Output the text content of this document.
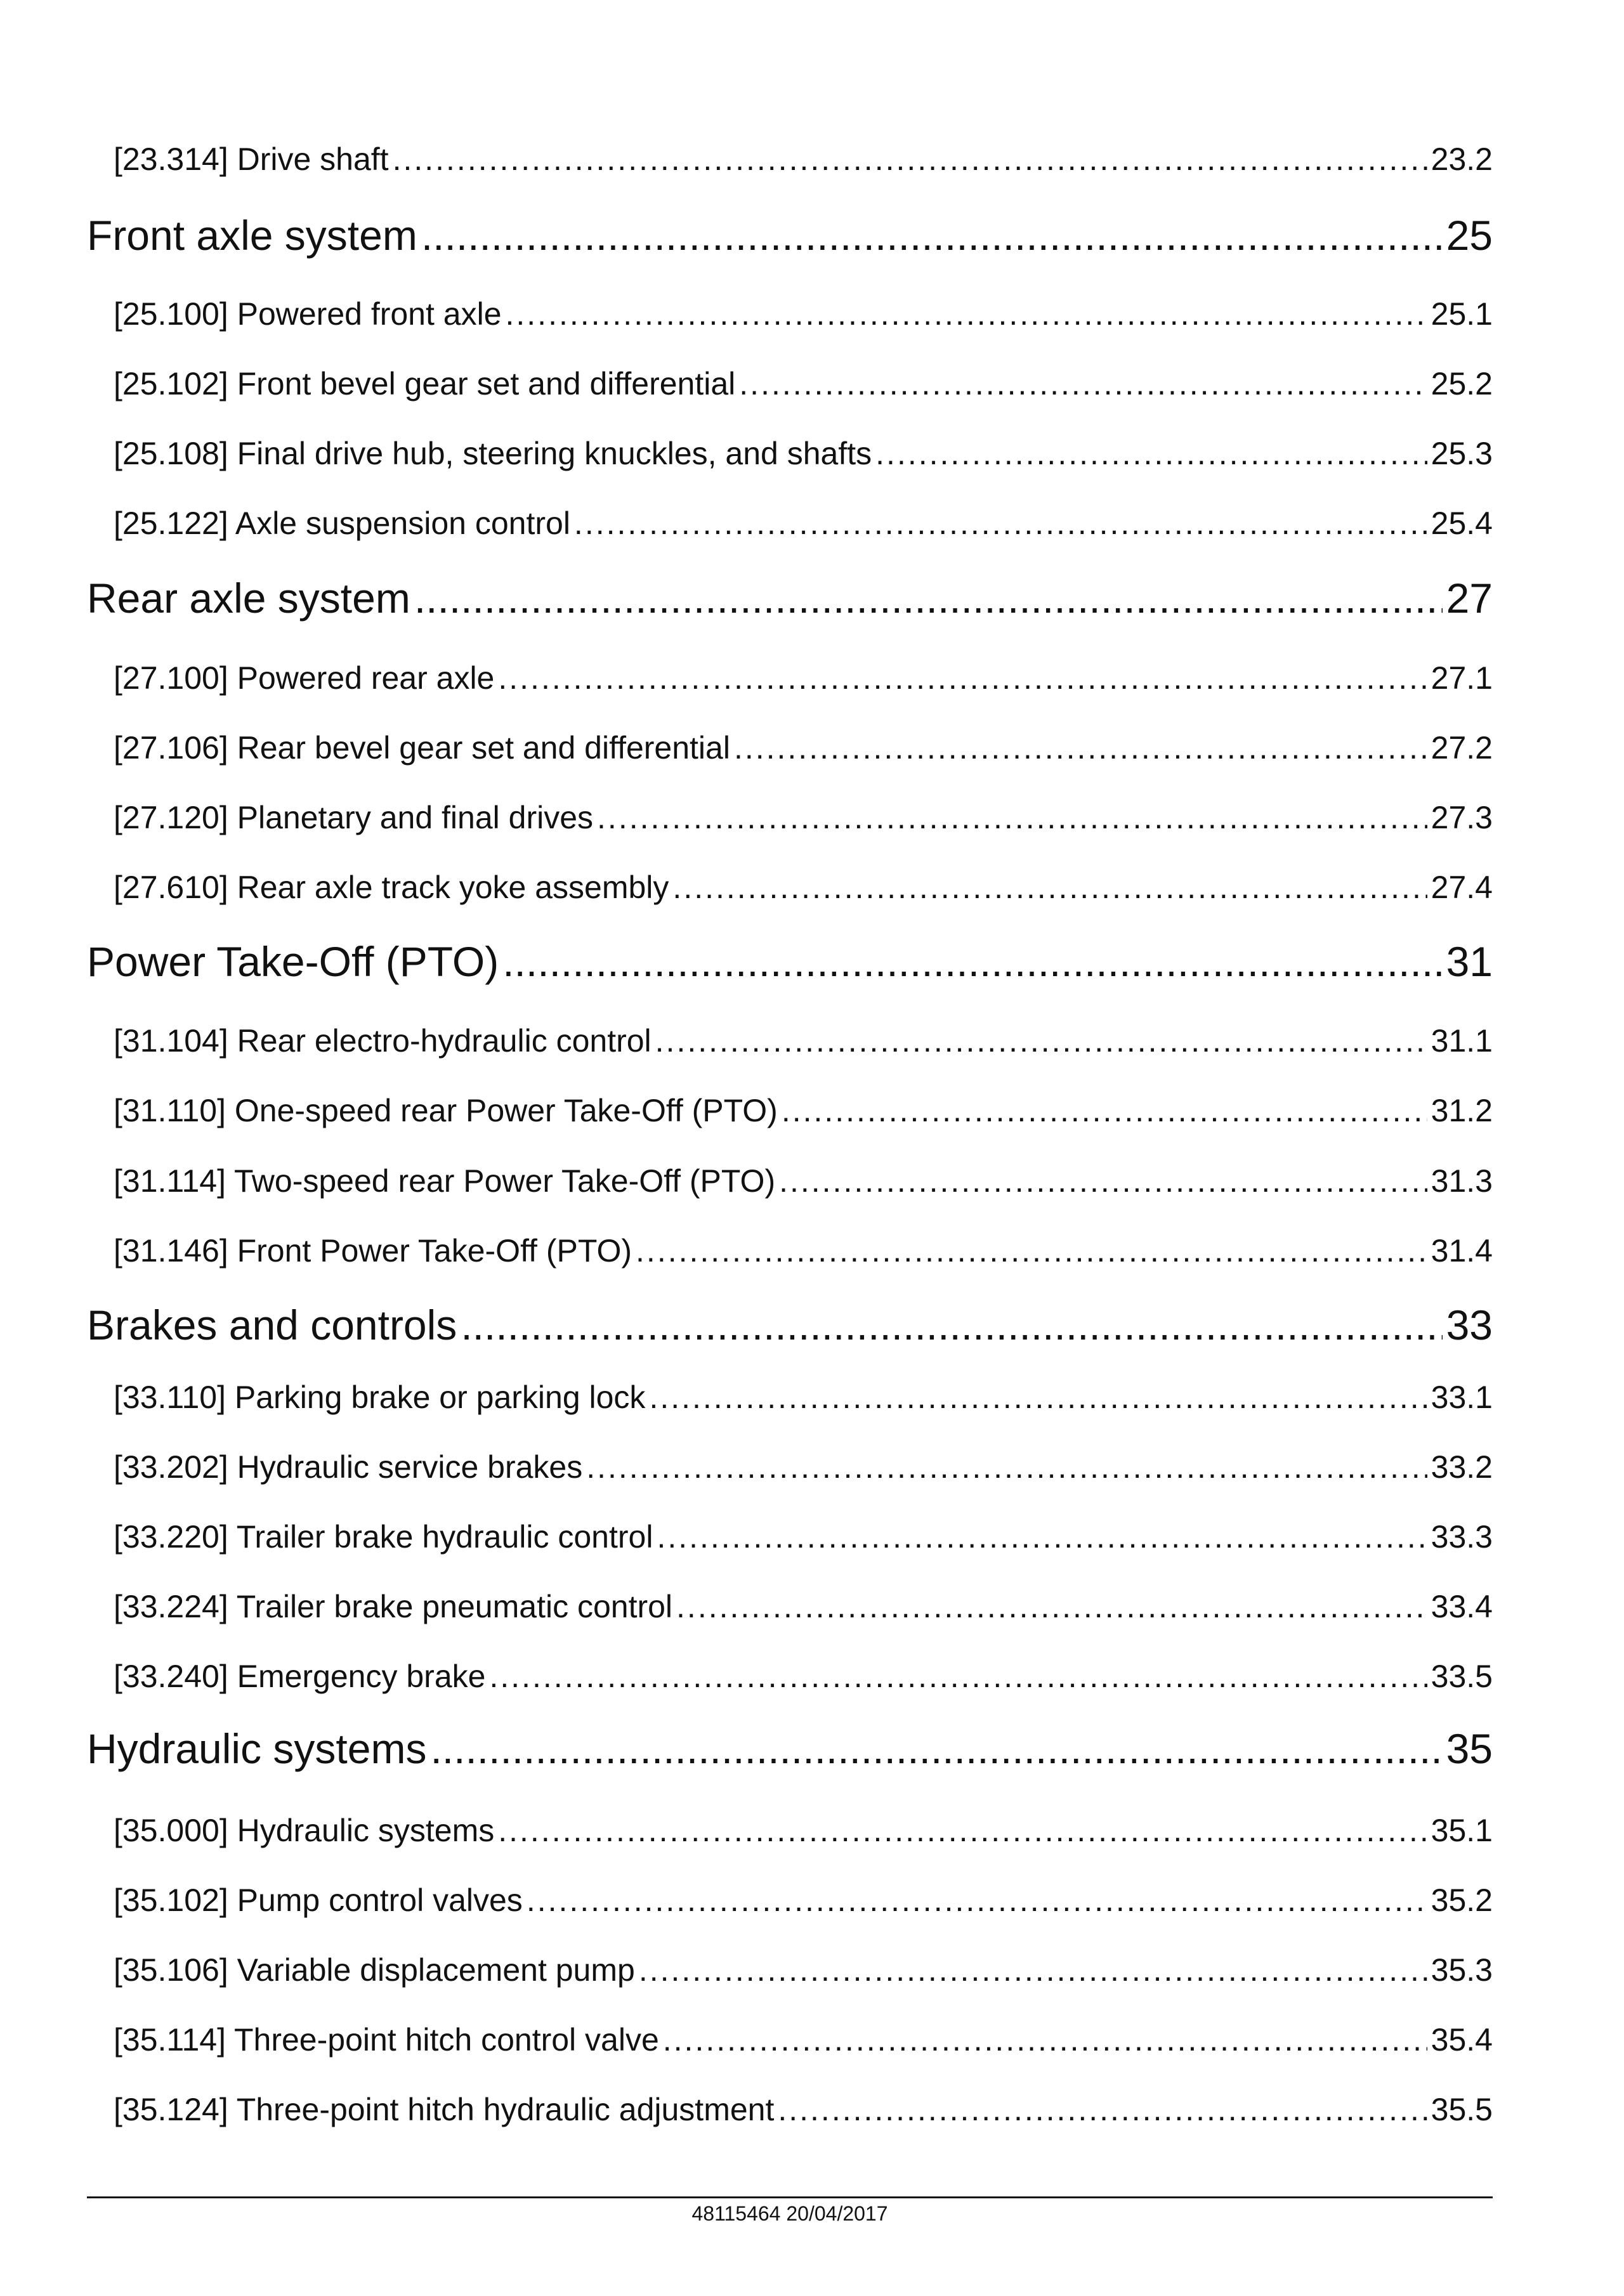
[23.314] Drive shaft .....	23.2
Front axle system .....	25
[25.100] Powered front axle .....	25.1
[25.102] Front bevel gear set and differential .....	25.2
[25.108] Final drive hub, steering knuckles, and shafts .....	25.3
[25.122] Axle suspension control .....	25.4
Rear axle system .....	27
[27.100] Powered rear axle .....	27.1
[27.106] Rear bevel gear set and differential .....	27.2
[27.120] Planetary and final drives .....	27.3
[27.610] Rear axle track yoke assembly .....	27.4
Power Take-Off (PTO) .....	31
[31.104] Rear electro-hydraulic control .....	31.1
[31.110] One-speed rear Power Take-Off (PTO) .....	31.2
[31.114] Two-speed rear Power Take-Off (PTO) .....	31.3
[31.146] Front Power Take-Off (PTO) .....	31.4
Brakes and controls .....	33
[33.110] Parking brake or parking lock .....	33.1
[33.202] Hydraulic service brakes .....	33.2
[33.220] Trailer brake hydraulic control .....	33.3
[33.224] Trailer brake pneumatic control .....	33.4
[33.240] Emergency brake .....	33.5
Hydraulic systems .....	35
[35.000] Hydraulic systems .....	35.1
[35.102] Pump control valves .....	35.2
[35.106] Variable displacement pump .....	35.3
[35.114] Three-point hitch control valve .....	35.4
[35.124] Three-point hitch hydraulic adjustment .....	35.5
48115464 20/04/2017
